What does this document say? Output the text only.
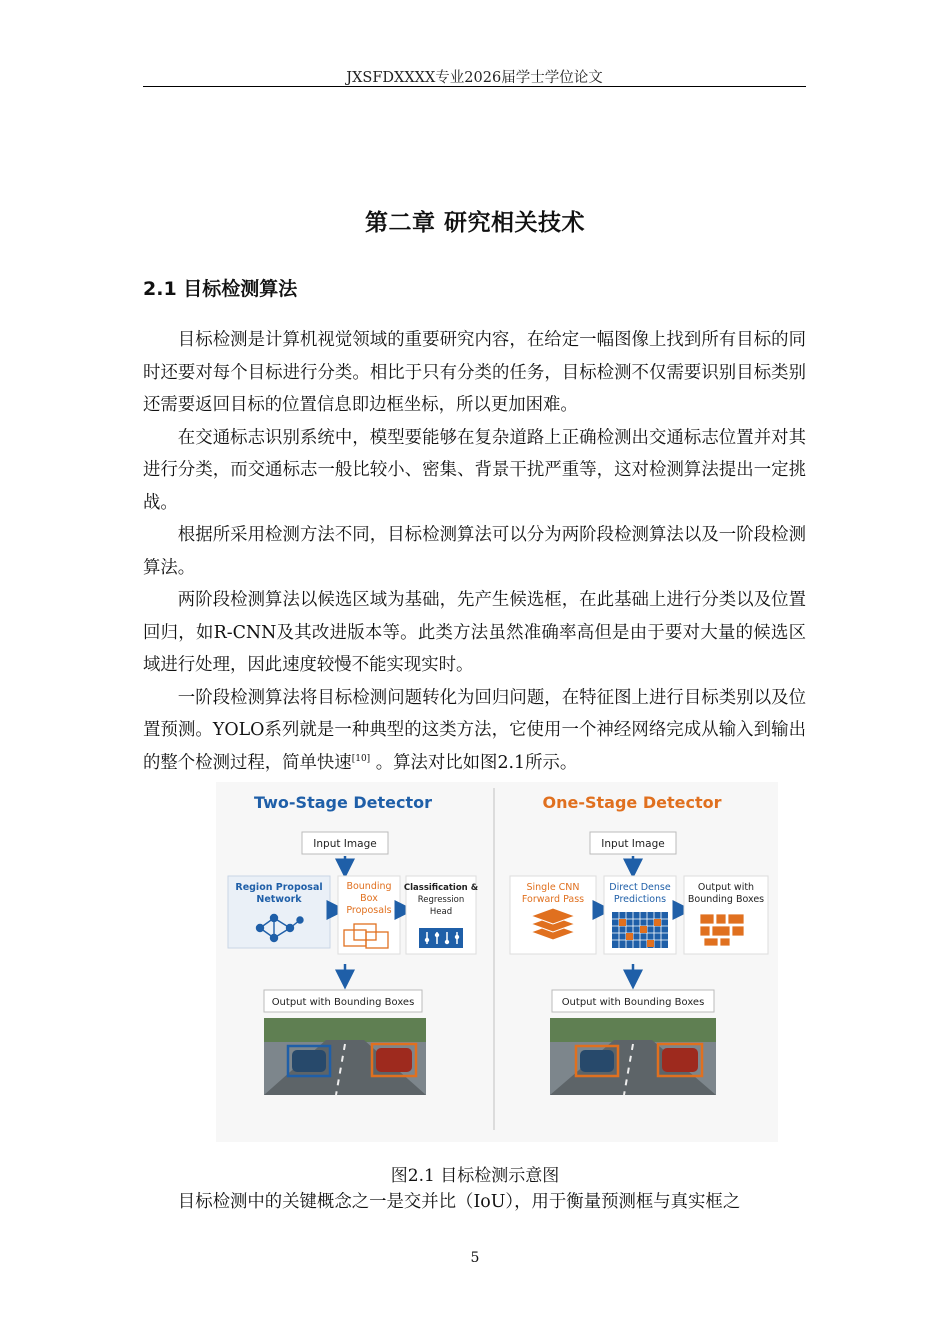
JXSFDXXXX专业2026届学士学位论文
第二章 研究相关技术
2.1 目标检测算法

目标检测是计算机视觉领域的重要研究内容，在给定一幅图像上找到所有目标的同时还要对每个目标进行分类。相比于只有分类的任务，目标检测不仅需要识别目标类别还需要返回目标的位置信息即边框坐标，所以更加困难。

在交通标志识别系统中，模型要能够在复杂道路上正确检测出交通标志位置并对其进行分类，而交通标志一般比较小、密集、背景干扰严重等，这对检测算法提出一定挑战。

根据所采用检测方法不同，目标检测算法可以分为两阶段检测算法以及一阶段检测算法。

两阶段检测算法以候选区域为基础，先产生候选框，在此基础上进行分类以及位置回归，如R-CNN及其改进版本等。此类方法虽然准确率高但是由于要对大量的候选区域进行处理，因此速度较慢不能实现实时。

一阶段检测算法将目标检测问题转化为回归问题，在特征图上进行目标类别以及位置预测。YOLO系列就是一种典型的这类方法，它使用一个神经网络完成从输入到输出的整个检测过程，简单快速[10] 。算法对比如图2.1所示。

Two-Stage Detector
Input Image
Region Proposal
Network
Bounding
Box
Proposals
Classification &
Regression
Head
Output with Bounding Boxes
One-Stage Detector
Input Image
Single CNN
Forward Pass
Direct Dense
Predictions
Output with
Bounding Boxes
Output with Bounding Boxes
图2.1 目标检测示意图
目标检测中的关键概念之一是交并比（IoU），用于衡量预测框与真实框之
5
